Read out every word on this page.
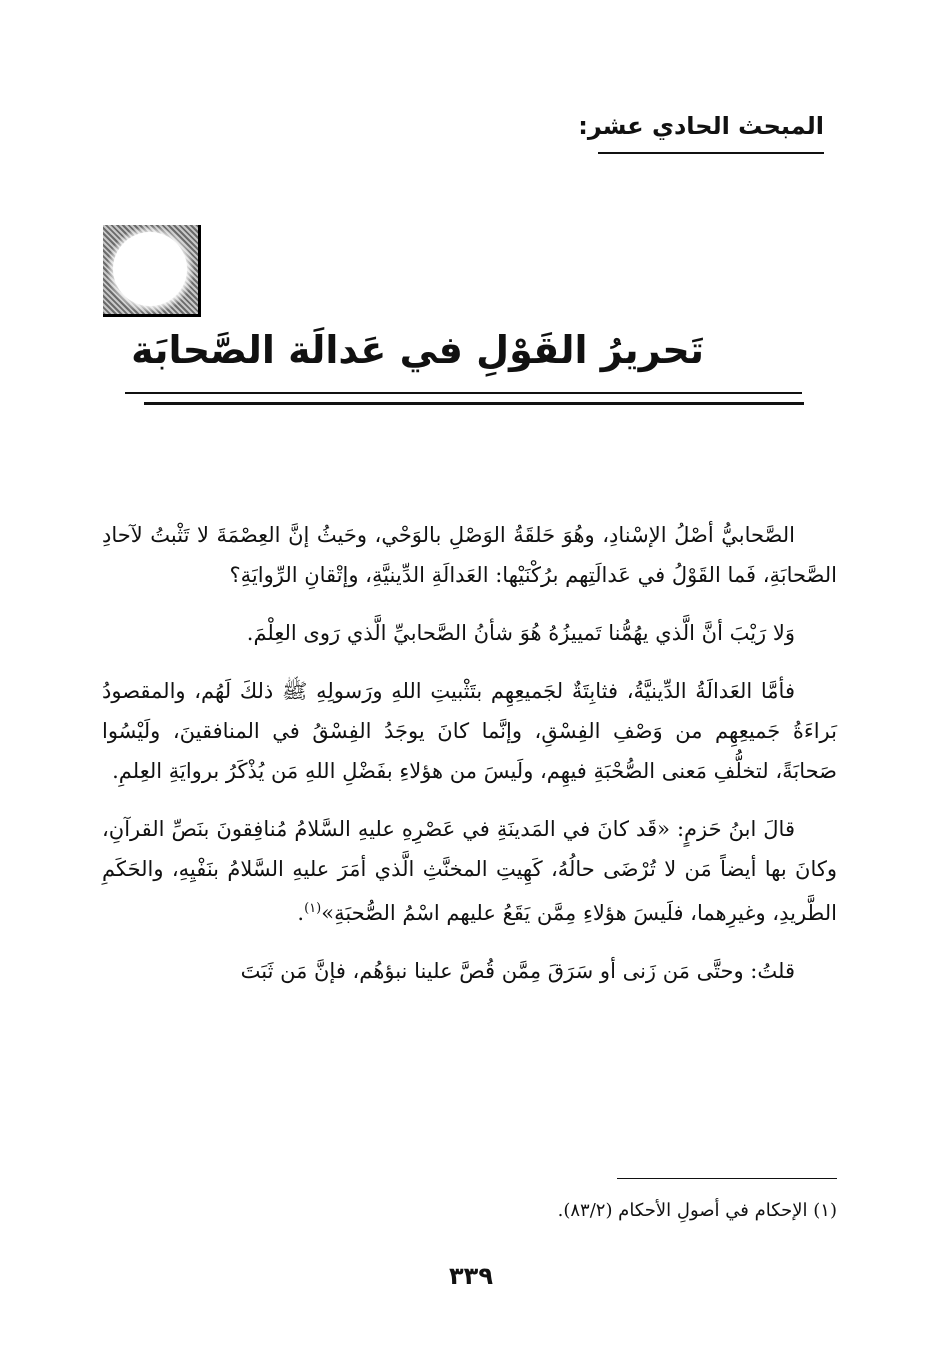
المبحث الحادي عشر:
تَحريرُ القَوْلِ في عَدالَة الصَّحابَة

الصَّحابيُّ أصْلُ الإسْنادِ، وهُوَ حَلقَةُ الوَصْلِ بالوَحْي، وحَيثُ إنَّ العِصْمَةَ لا تَثْبتُ لآحادِ الصَّحابَةِ، فَما القَوْلُ في عَدالَتِهم برُكْنَيْها: العَدالَةِ الدِّينيَّةِ، وإتْقانِ الرِّوايَةِ؟

وَلا رَيْبَ أنَّ الَّذي يهُمُّنا تَمييزُهُ هُوَ شأنُ الصَّحابيِّ الَّذي رَوى العِلْمَ.

فأمَّا العَدالَةُ الدِّينيَّةُ، فثابِتَةٌ لجَميعِهِم بتَثْبيتِ اللهِ ورَسولِهِ ﷺ ذلكَ لَهُم، والمقصودُ بَراءَةُ جَميعِهِم من وَصْفِ الفِسْقِ، وإنَّما كانَ يوجَدُ الفِسْقُ في المنافقينَ، ولَيْسُوا صَحابَةً، لتخلُّفِ مَعنى الصُّحْبَةِ فيهِم، ولَيسَ من هؤلاءِ بفَضْلِ اللهِ مَن يُذْكَرُ بروايَةِ العِلمِ.

قالَ ابنُ حَزمٍ: «قَد كانَ في المَدينَةِ في عَصْرِهِ عليهِ السَّلامُ مُنافِقونَ بنَصِّ القرآنِ، وكانَ بها أيضاً مَن لا تُرْضَى حالُهُ، كَهِيتِ المخنَّثِ الَّذي أمَرَ عليهِ السَّلامُ بنَفْيِهِ، والحَكَمِ الطَّريدِ، وغيرِهما، فلَيسَ هؤلاءِ مِمَّن يَقَعُ عليهم اسْمُ الصُّحبَةِ»$^{(١)}$.

قلتُ: وحتَّى مَن زَنى أو سَرَقَ مِمَّن قُصَّ علينا نبؤهُم، فإنَّ مَن ثَبَتَ

(١) الإحكام في أصولِ الأحكام (٨٣/٢).
٣٣٩
